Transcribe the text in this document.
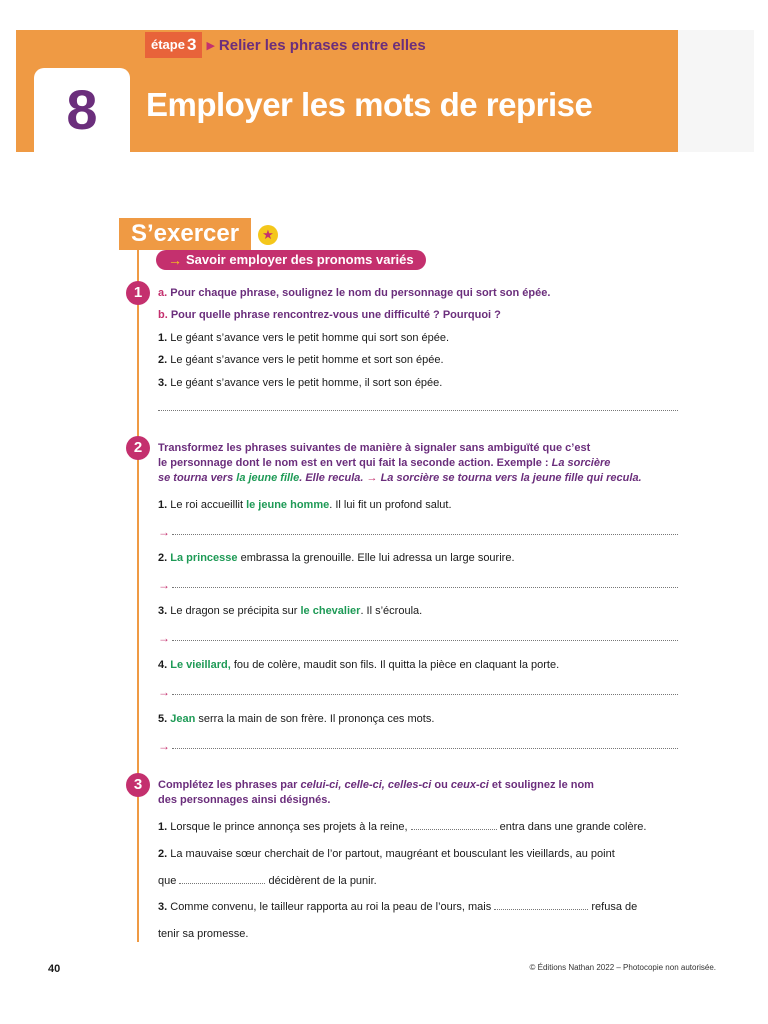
étape 3 ▶ Relier les phrases entre elles
8	Employer les mots de reprise
S’exercer	★
→ Savoir employer des pronoms variés
1	a. Pour chaque phrase, soulignez le nom du personnage qui sort son épée.
b. Pour quelle phrase rencontrez-vous une difficulté ? Pourquoi ?
1. Le géant s’avance vers le petit homme qui sort son épée.
2. Le géant s’avance vers le petit homme et sort son épée.
3. Le géant s’avance vers le petit homme, il sort son épée.
2	Transformez les phrases suivantes de manière à signaler sans ambiguïté que c’est
le personnage dont le nom est en vert qui fait la seconde action. Exemple : La sorcière
se tourna vers la jeune fille. Elle recula. → La sorcière se tourna vers la jeune fille qui recula.
1. Le roi accueillit le jeune homme. Il lui fit un profond salut.
→
2. La princesse embrassa la grenouille. Elle lui adressa un large sourire.
→
3. Le dragon se précipita sur le chevalier. Il s’écroula.
→
4. Le vieillard, fou de colère, maudit son fils. Il quitta la pièce en claquant la porte.
→
5. Jean serra la main de son frère. Il prononça ces mots.
→
3	Complétez les phrases par celui-ci, celle-ci, celles-ci ou ceux-ci et soulignez le nom
des personnages ainsi désignés.
1. Lorsque le prince annonça ses projets à la reine,	entra dans une grande colère.
2. La mauvaise sœur cherchait de l’or partout, maugréant et bousculant les vieillards, au point
que	décidèrent de la punir.
3. Comme convenu, le tailleur rapporta au roi la peau de l’ours, mais	refusa de
tenir sa promesse.
40	© Éditions Nathan 2022 – Photocopie non autorisée.
